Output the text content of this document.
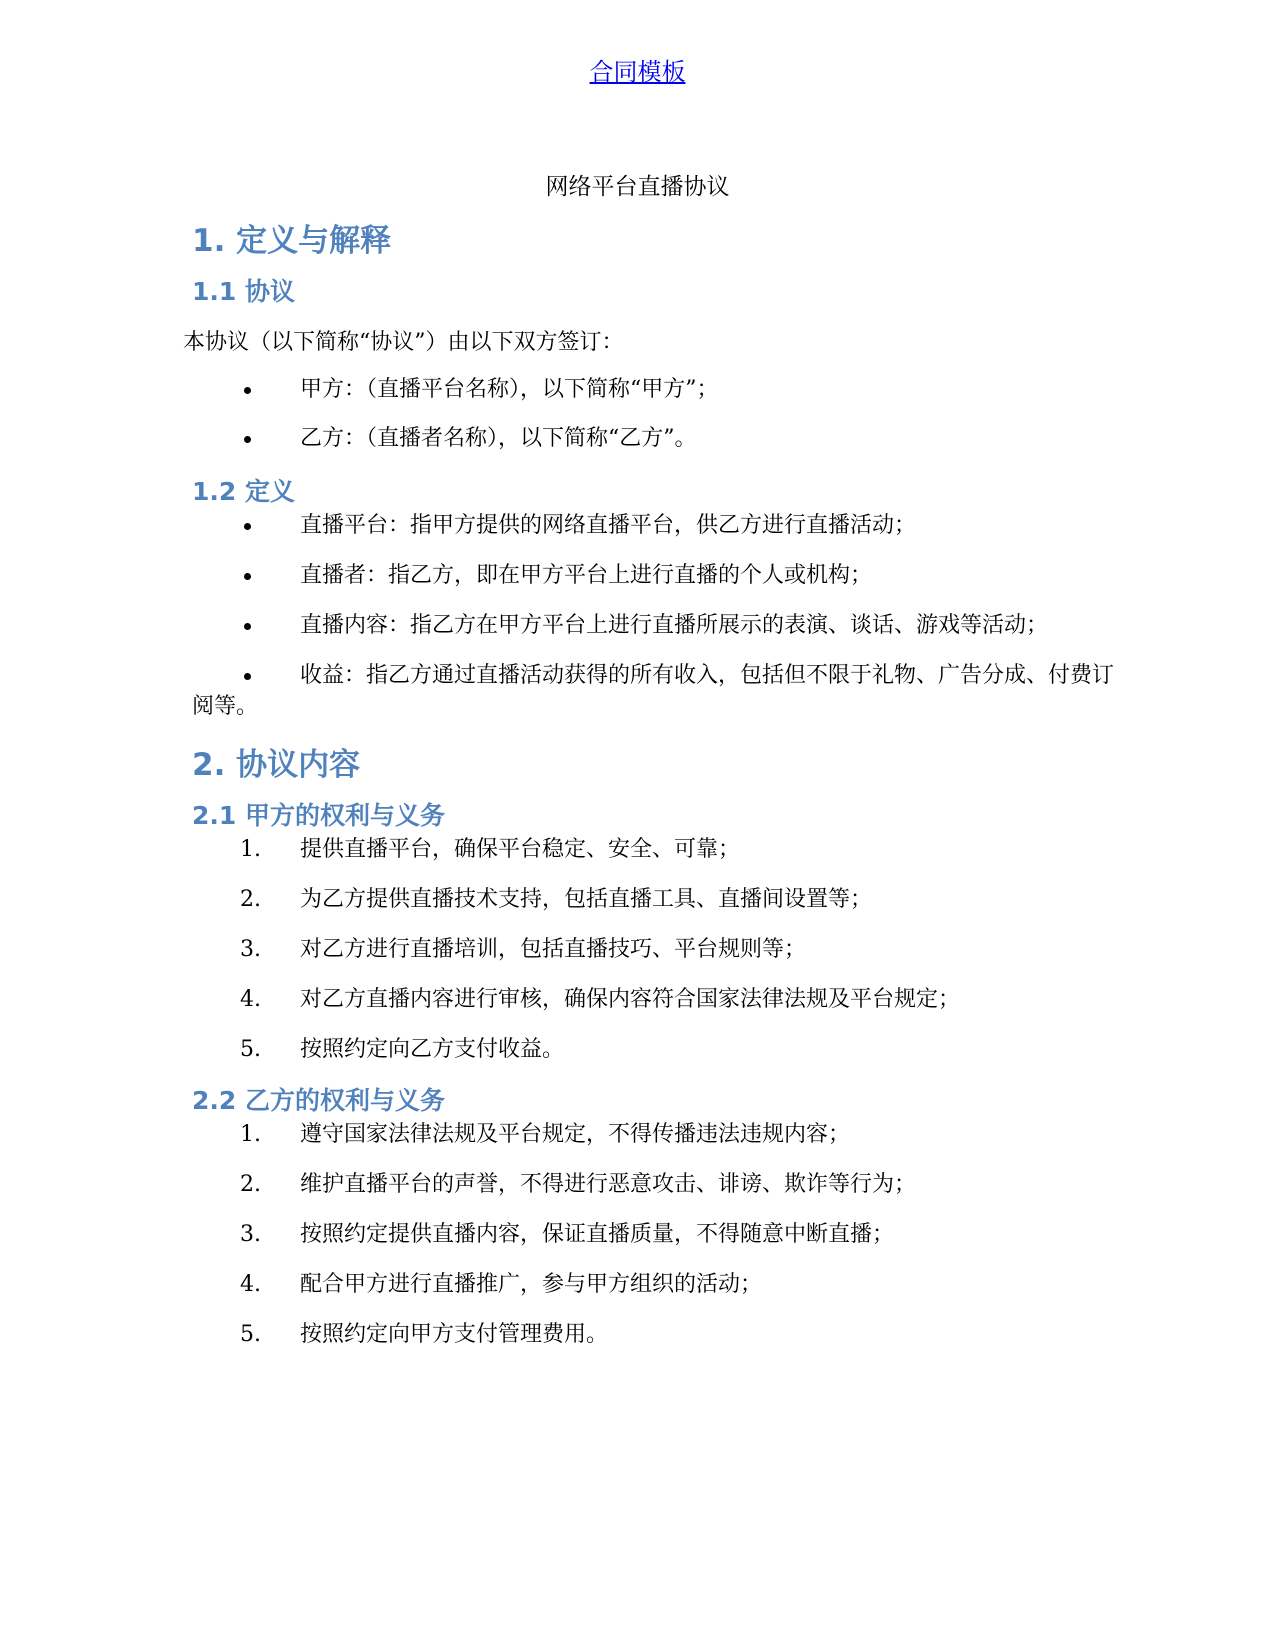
合同模板
网络平台直播协议
1. 定义与解释
1.1 协议

本协议（以下简称“协议”）由以下双方签订：

甲方：（直播平台名称），以下简称“甲方”；
乙方：（直播者名称），以下简称“乙方”。
1.2 定义
直播平台：指甲方提供的网络直播平台，供乙方进行直播活动；
直播者：指乙方，即在甲方平台上进行直播的个人或机构；
直播内容：指乙方在甲方平台上进行直播所展示的表演、谈话、游戏等活动；
收益：指乙方通过直播活动获得的所有收入，包括但不限于礼物、广告分成、付费订阅等。
2. 协议内容
2.1 甲方的权利与义务
1.	提供直播平台，确保平台稳定、安全、可靠；
2.	为乙方提供直播技术支持，包括直播工具、直播间设置等；
3.	对乙方进行直播培训，包括直播技巧、平台规则等；
4.	对乙方直播内容进行审核，确保内容符合国家法律法规及平台规定；
5.	按照约定向乙方支付收益。
2.2 乙方的权利与义务
1.	遵守国家法律法规及平台规定，不得传播违法违规内容；
2.	维护直播平台的声誉，不得进行恶意攻击、诽谤、欺诈等行为；
3.	按照约定提供直播内容，保证直播质量，不得随意中断直播；
4.	配合甲方进行直播推广，参与甲方组织的活动；
5.	按照约定向甲方支付管理费用。
